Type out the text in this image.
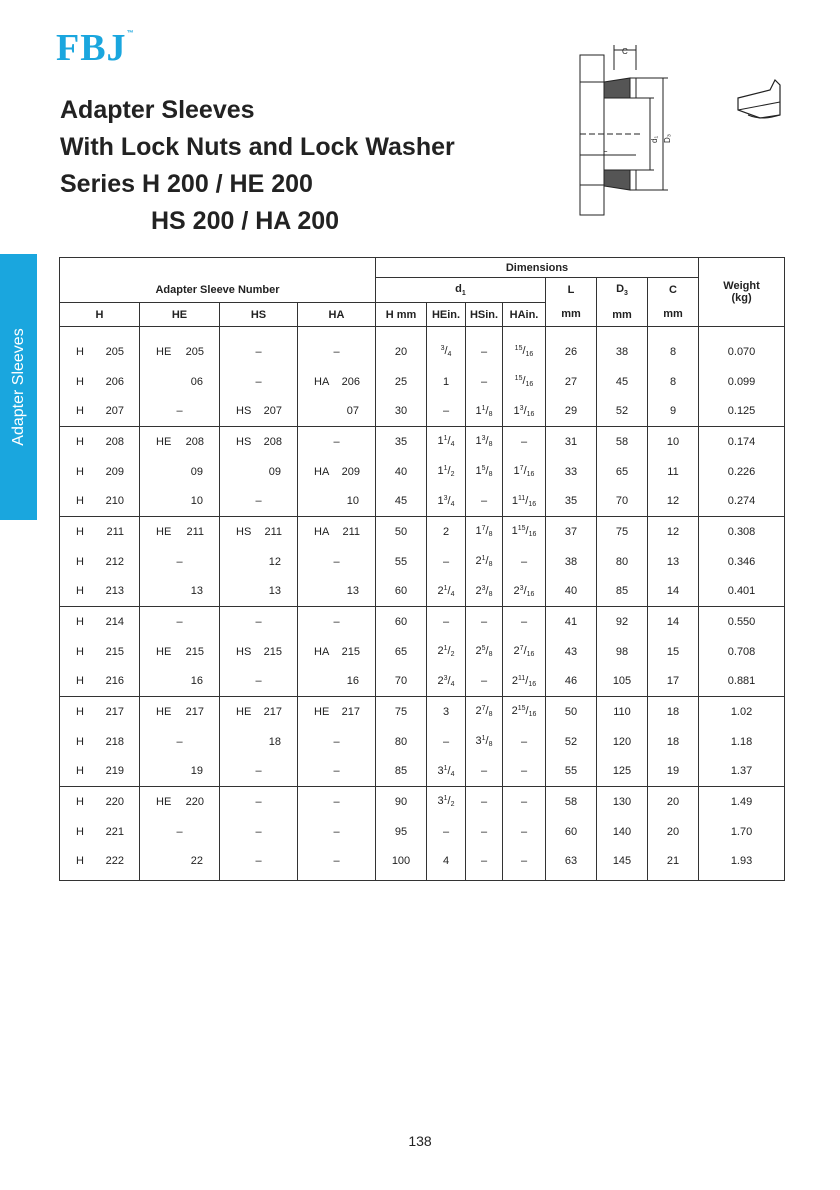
FBJ™
Adapter Sleeves
With Lock Nuts and Lock Washer
Series H 200 / HE 200
HS 200 / HA 200
C
L
d₁ D₃
Adapter Sleeves
				Dimensions							Weight
(kg)
Adapter Sleeve Number				$d_1$				L

mm	$D_3$

mm	C

mm	
H	HE	HS	HA	H mm	HEin.	HSin.	HAin.				
H 205	HE 205	–	–	20	$^3/_4$	–	$^{15}/_{16}$	26	38	8	0.070
H 206	06	–	HA 206	25	1	–	$^{15}/_{16}$	27	45	8	0.099
H 207	–	HS 207	07	30	–	$1^1/_8$	$1^3/_{16}$	29	52	9	0.125
H 208	HE 208	HS 208	–	35	$1^1/_4$	$1^3/_8$	–	31	58	10	0.174
H 209	09	09	HA 209	40	$1^1/_2$	$1^5/_8$	$1^7/_{16}$	33	65	11	0.226
H 210	10	–	10	45	$1^3/_4$	–	$1^{11}/_{16}$	35	70	12	0.274
H 211	HE 211	HS 211	HA 211	50	2	$1^7/_8$	$1^{15}/_{16}$	37	75	12	0.308
H 212	–	12	–	55	–	$2^1/_8$	–	38	80	13	0.346
H 213	13	13	13	60	$2^1/_4$	$2^3/_8$	$2^3/_{16}$	40	85	14	0.401
H 214	–	–	–	60	–	–	–	41	92	14	0.550
H 215	HE 215	HS 215	HA 215	65	$2^1/_2$	$2^5/_8$	$2^7/_{16}$	43	98	15	0.708
H 216	16	–	16	70	$2^3/_4$	–	$2^{11}/_{16}$	46	105	17	0.881
H 217	HE 217	HE 217	HE 217	75	3	$2^7/_8$	$2^{15}/_{16}$	50	110	18	1.02
H 218	–	18	–	80	–	$3^1/_8$	–	52	120	18	1.18
H 219	19	–	–	85	$3^1/_4$	–	–	55	125	19	1.37
H 220	HE 220	–	–	90	$3^1/_2$	–	–	58	130	20	1.49
H 221	–	–	–	95	–	–	–	60	140	20	1.70
H 222	22	–	–	100	4	–	–	63	145	21	1.93
138
